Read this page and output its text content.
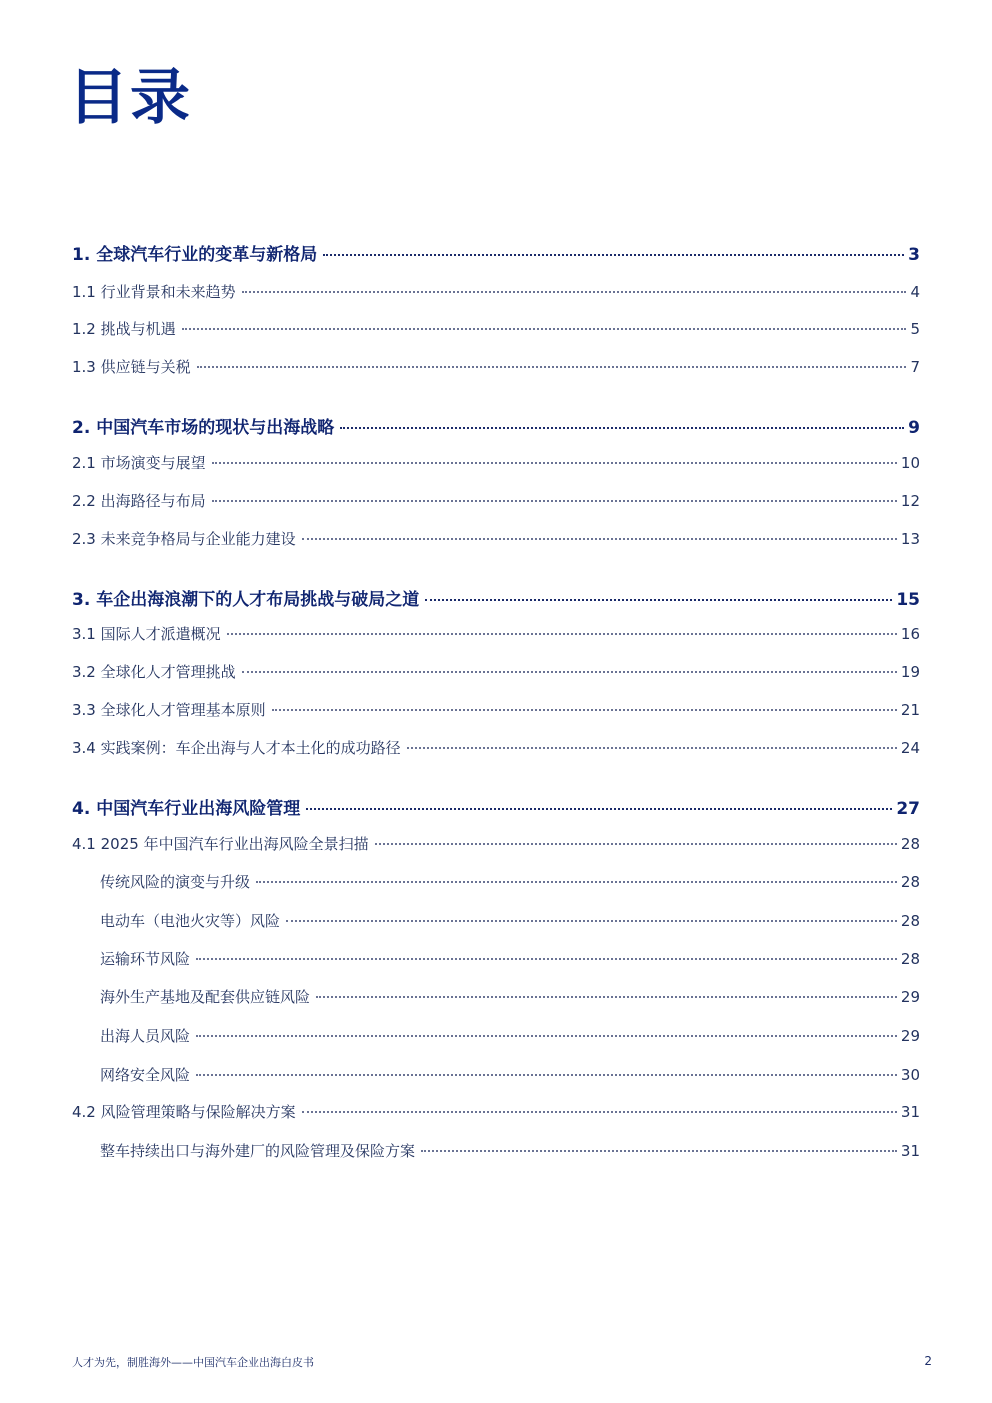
目录
1. 全球汽车行业的变革与新格局	3
1.1 行业背景和未来趋势	4
1.2 挑战与机遇	5
1.3 供应链与关税	7
2. 中国汽车市场的现状与出海战略	9
2.1 市场演变与展望	10
2.2 出海路径与布局	12
2.3 未来竞争格局与企业能力建设	13
3. 车企出海浪潮下的人才布局挑战与破局之道	15
3.1 国际人才派遣概况	16
3.2 全球化人才管理挑战	19
3.3 全球化人才管理基本原则	21
3.4 实践案例：车企出海与人才本土化的成功路径	24
4. 中国汽车行业出海风险管理	27
4.1 2025 年中国汽车行业出海风险全景扫描	28
传统风险的演变与升级	28
电动车（电池火灾等）风险	28
运输环节风险	28
海外生产基地及配套供应链风险	29
出海人员风险	29
网络安全风险	30
4.2 风险管理策略与保险解决方案	31
整车持续出口与海外建厂的风险管理及保险方案	31
人才为先，制胜海外——中国汽车企业出海白皮书	2
